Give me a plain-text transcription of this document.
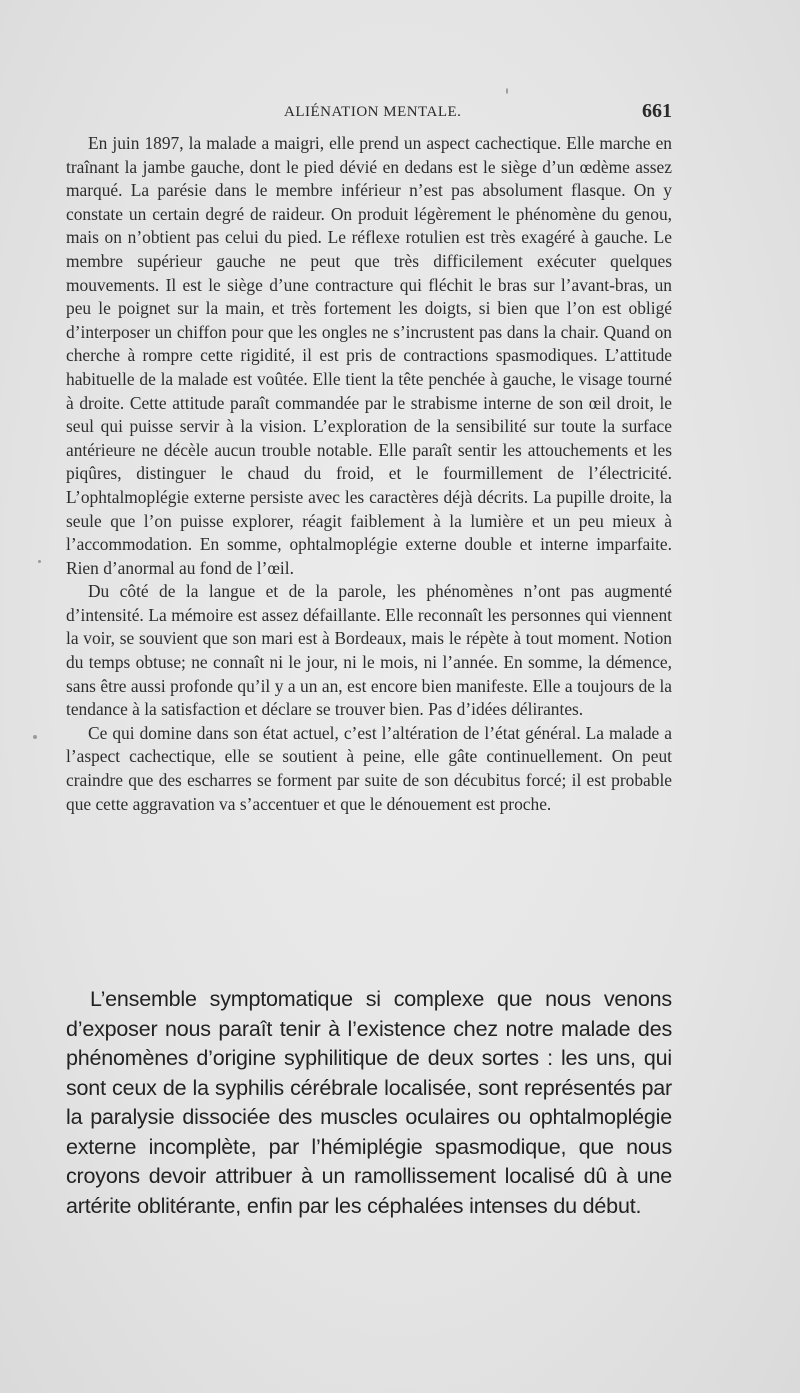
ALIÉNATION MENTALE.	661

En juin 1897, la malade a maigri, elle prend un aspect cachectique. Elle marche en traînant la jambe gauche, dont le pied dévié en dedans est le siège d’un œdème assez marqué. La parésie dans le membre inférieur n’est pas absolument flasque. On y constate un certain degré de raideur. On produit légèrement le phénomène du genou, mais on n’obtient pas celui du pied. Le réflexe rotulien est très exagéré à gauche. Le membre supérieur gauche ne peut que très difficilement exécuter quelques mouvements. Il est le siège d’une contracture qui fléchit le bras sur l’avant-bras, un peu le poignet sur la main, et très fortement les doigts, si bien que l’on est obligé d’interposer un chiffon pour que les ongles ne s’incrustent pas dans la chair. Quand on cherche à rompre cette rigidité, il est pris de contractions spasmodiques. L’attitude habituelle de la malade est voûtée. Elle tient la tête penchée à gauche, le visage tourné à droite. Cette attitude paraît commandée par le strabisme interne de son œil droit, le seul qui puisse servir à la vision. L’exploration de la sensibilité sur toute la surface antérieure ne décèle aucun trouble notable. Elle paraît sentir les attouchements et les piqûres, distinguer le chaud du froid, et le fourmillement de l’électricité. L’ophtalmoplégie externe persiste avec les caractères déjà décrits. La pupille droite, la seule que l’on puisse explorer, réagit faiblement à la lumière et un peu mieux à l’accommodation. En somme, ophtalmoplégie externe double et interne imparfaite. Rien d’anormal au fond de l’œil.

Du côté de la langue et de la parole, les phénomènes n’ont pas augmenté d’intensité. La mémoire est assez défaillante. Elle reconnaît les personnes qui viennent la voir, se souvient que son mari est à Bordeaux, mais le répète à tout moment. Notion du temps obtuse; ne connaît ni le jour, ni le mois, ni l’année. En somme, la démence, sans être aussi profonde qu’il y a un an, est encore bien manifeste. Elle a toujours de la tendance à la satisfaction et déclare se trouver bien. Pas d’idées délirantes.

Ce qui domine dans son état actuel, c’est l’altération de l’état général. La malade a l’aspect cachectique, elle se soutient à peine, elle gâte continuellement. On peut craindre que des escharres se forment par suite de son décubitus forcé; il est probable que cette aggravation va s’accentuer et que le dénouement est proche.

L’ensemble symptomatique si complexe que nous venons d’exposer nous paraît tenir à l’existence chez notre malade des phénomènes d’origine syphilitique de deux sortes : les uns, qui sont ceux de la syphilis cérébrale localisée, sont représentés par la paralysie dissociée des muscles oculaires ou ophtalmoplégie externe incomplète, par l’hémiplégie spasmodique, que nous croyons devoir attribuer à un ramollissement localisé dû à une artérite oblitérante, enfin par les céphalées intenses du début.
